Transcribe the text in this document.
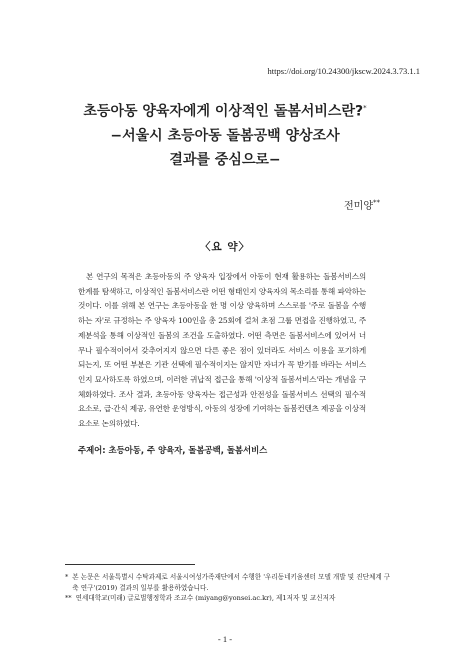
https://doi.org/10.24300/jkscw.2024.3.73.1.1
초등아동 양육자에게 이상적인 돌봄서비스란?*
−서울시 초등아동 돌봄공백 양상조사
결과를 중심으로−
전미양**
〈요 약〉
본 연구의 목적은 초등아동의 주 양육자 입장에서 아동이 현재 활용하는 돌봄서비스의 한계를 탐색하고, 이상적인 돌봄서비스란 어떤 형태인지 양육자의 목소리를 통해 파악하는 것이다. 이를 위해 본 연구는 초등아동을 한 명 이상 양육하며 스스로를 '주로 돌봄을 수행하는 자'로 규정하는 주 양육자 100인을 총 25회에 걸쳐 초점 그룹 면접을 진행하였고, 주제분석을 통해 이상적인 돌봄의 조건을 도출하였다. 어떤 측면은 돌봄서비스에 있어서 너무나 필수적이어서 갖추어지지 않으면 다른 좋은 점이 있더라도 서비스 이용을 포기하게 되는지, 또 어떤 부분은 기관 선택에 필수적이지는 않지만 자녀가 꼭 받기를 바라는 서비스인지 묘사하도록 하였으며, 이러한 귀납적 접근을 통해 '이상적 돌봄서비스'라는 개념을 구체화하였다. 조사 결과, 초등아동 양육자는 접근성과 안전성을 돌봄서비스 선택의 필수적 요소로, 급·간식 제공, 유연한 운영방식, 아동의 성장에 기여하는 돌봄컨텐츠 제공을 이상적 요소로 논의하였다.
주제어: 초등아동, 주 양육자, 돌봄공백, 돌봄서비스
* 본 논문은 서울특별시 수탁과제로 서울시여성가족재단에서 수행한 '우리동네키움센터 모델 개발 및 진단체계 구축 연구'(2019) 결과의 일부를 활용하였습니다.
** 연세대학교(미래) 글로벌행정학과 조교수 (miyang@yonsei.ac.kr), 제1저자 및 교신저자
- 1 -
